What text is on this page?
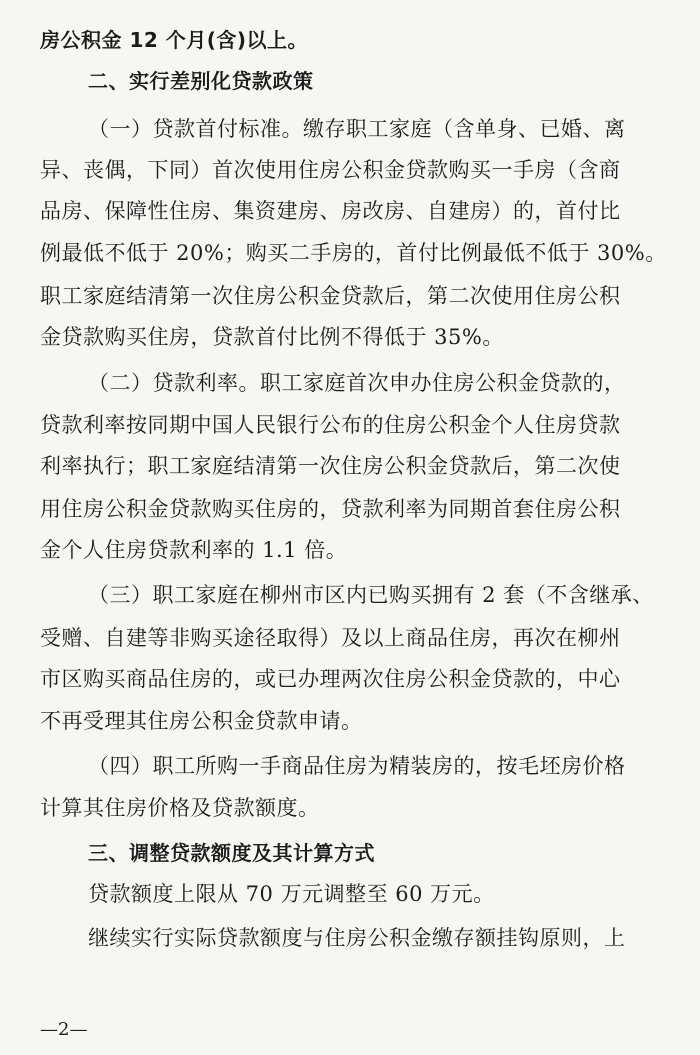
房公积金 12 个月(含)以上。
二、实行差别化贷款政策
（一）贷款首付标准。缴存职工家庭（含单身、已婚、离
异、丧偶，下同）首次使用住房公积金贷款购买一手房（含商
品房、保障性住房、集资建房、房改房、自建房）的，首付比
例最低不低于 20%；购买二手房的，首付比例最低不低于 30%。
职工家庭结清第一次住房公积金贷款后，第二次使用住房公积
金贷款购买住房，贷款首付比例不得低于 35%。
（二）贷款利率。职工家庭首次申办住房公积金贷款的，
贷款利率按同期中国人民银行公布的住房公积金个人住房贷款
利率执行；职工家庭结清第一次住房公积金贷款后，第二次使
用住房公积金贷款购买住房的，贷款利率为同期首套住房公积
金个人住房贷款利率的 1.1 倍。
（三）职工家庭在柳州市区内已购买拥有 2 套（不含继承、
受赠、自建等非购买途径取得）及以上商品住房，再次在柳州
市区购买商品住房的，或已办理两次住房公积金贷款的，中心
不再受理其住房公积金贷款申请。
（四）职工所购一手商品住房为精装房的，按毛坯房价格
计算其住房价格及贷款额度。
三、调整贷款额度及其计算方式
贷款额度上限从 70 万元调整至 60 万元。
继续实行实际贷款额度与住房公积金缴存额挂钩原则，上
—2—
